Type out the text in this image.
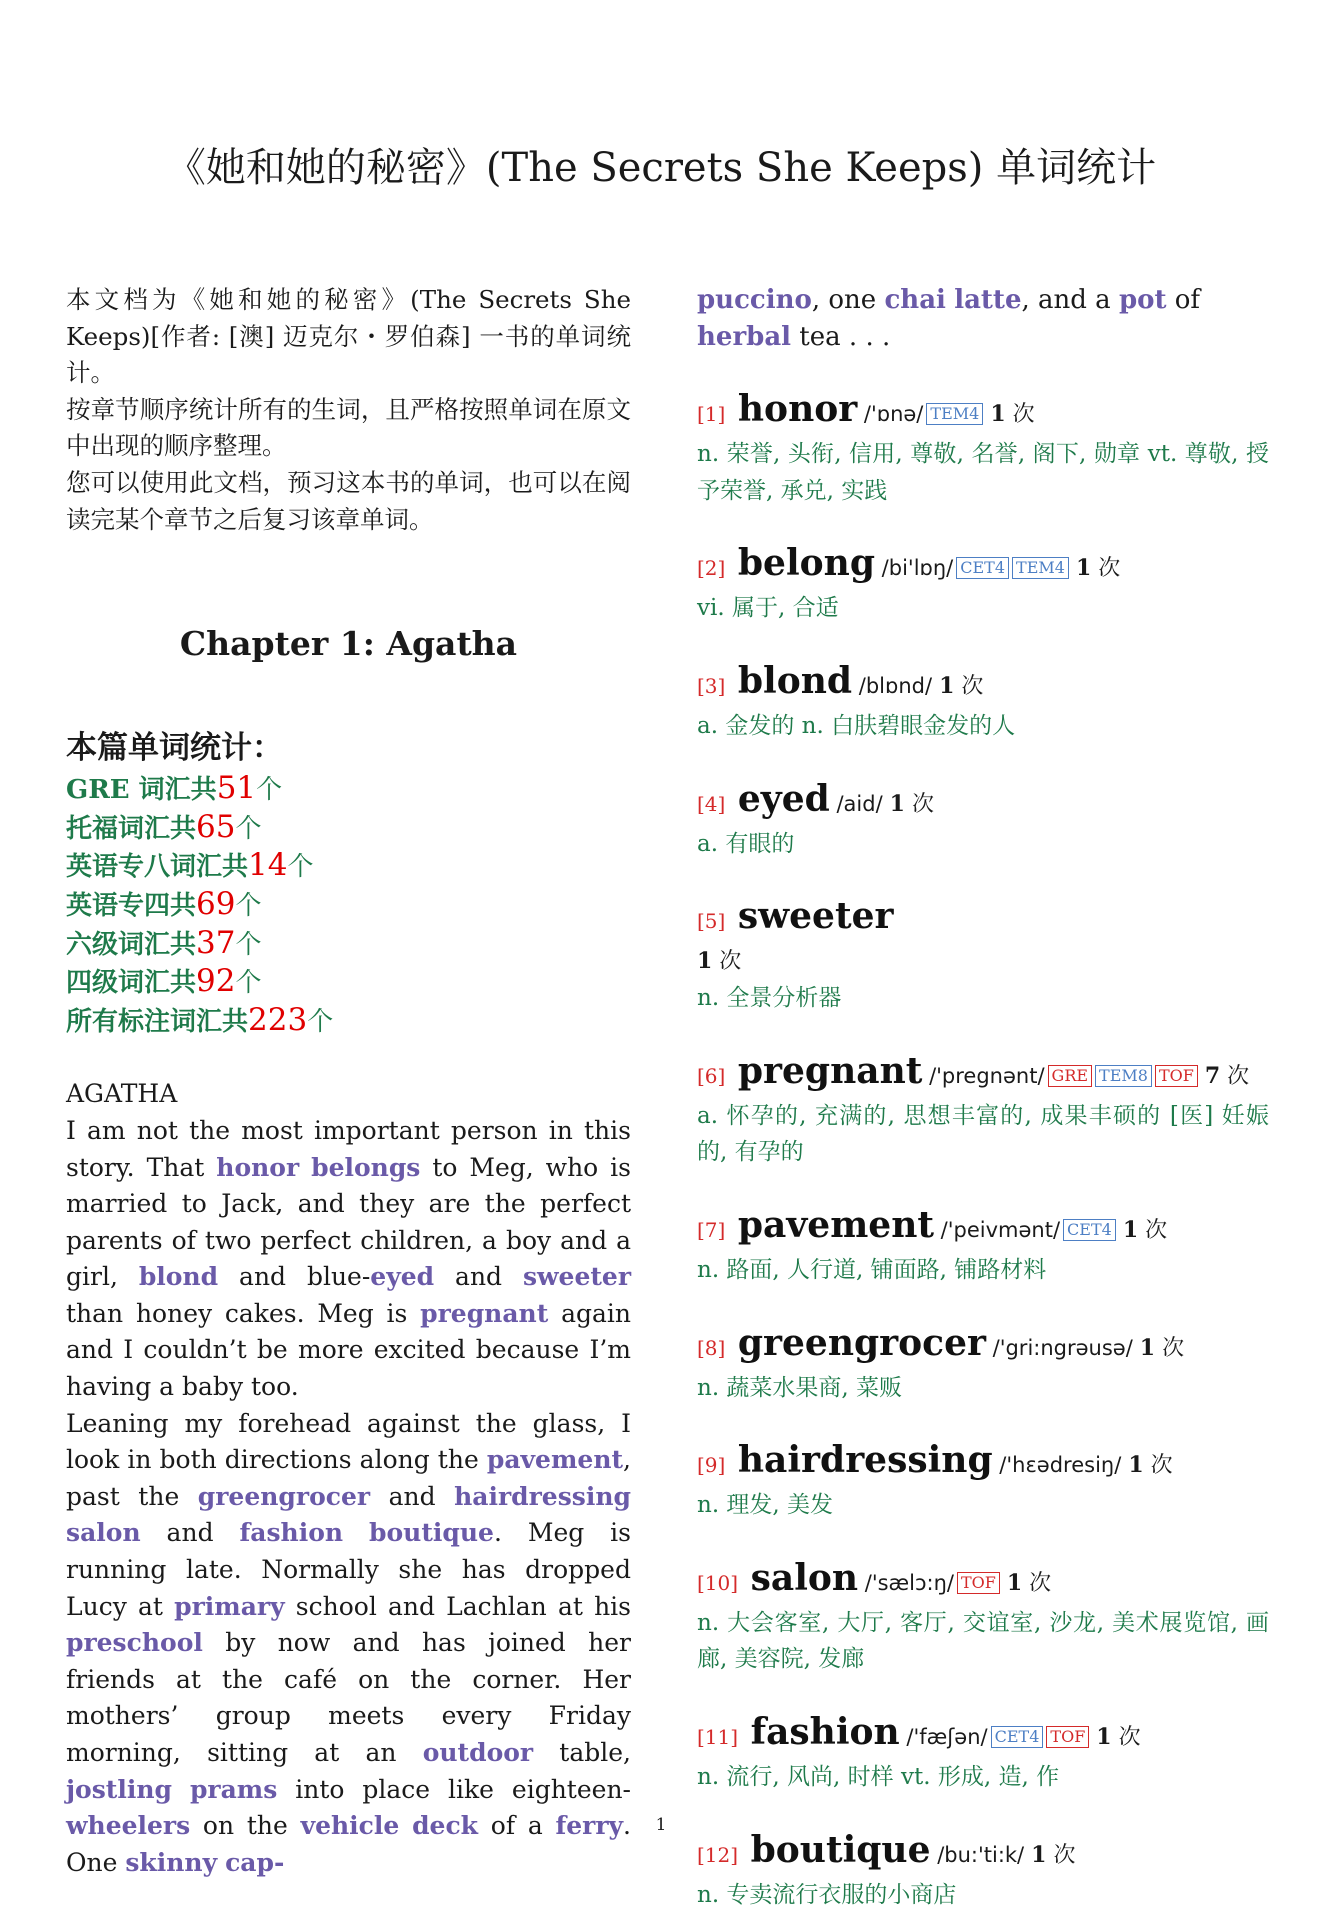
《她和她的秘密》(The Secrets She Keeps) 单词统计

本文档为《她和她的秘密》(The Secrets She Keeps)[作者: [澳] 迈克尔・罗伯森] 一书的单词统计。

按章节顺序统计所有的生词，且严格按照单词在原文中出现的顺序整理。

您可以使用此文档，预习这本书的单词，也可以在阅读完某个章节之后复习该章单词。

Chapter 1: Agatha
本篇单词统计：
GRE 词汇共51个
托福词汇共65个
英语专八词汇共14个
英语专四共69个
六级词汇共37个
四级词汇共92个
所有标注词汇共223个
AGATHA

I am not the most important person in this story. That honor belongs to Meg, who is married to Jack, and they are the perfect parents of two perfect children, a boy and a girl, blond and blue-eyed and sweeter than honey cakes. Meg is pregnant again and I couldn’t be more excited because I’m having a baby too.

Leaning my forehead against the glass, I look in both directions along the pavement, past the greengrocer and hairdressing salon and fashion boutique. Meg is running late. Normally she has dropped Lucy at primary school and Lachlan at his preschool by now and has joined her friends at the café on the corner. Her mothers’ group meets every Friday morning, sitting at an outdoor table, jostling prams into place like eighteen-wheelers on the vehicle deck of a ferry. One skinny cap-

puccino, one chai latte, and a pot of herbal tea . . .
[1] honor /'ɒnə/ TEM4 1 次
n. 荣誉, 头衔, 信用, 尊敬, 名誉, 阁下, 勋章 vt. 尊敬, 授予荣誉, 承兑, 实践
[2] belong /bi'lɒŋ/ CET4 TEM4 1 次
vi. 属于, 合适
[3] blond /blɒnd/ 1 次
a. 金发的 n. 白肤碧眼金发的人
[4] eyed /aid/ 1 次
a. 有眼的
[5] sweeter
1 次
n. 全景分析器
[6] pregnant /'pregnənt/ GRE TEM8 TOF 7 次
a. 怀孕的, 充满的, 思想丰富的, 成果丰硕的 [医] 妊娠的, 有孕的
[7] pavement /'peivmənt/ CET4 1 次
n. 路面, 人行道, 铺面路, 铺路材料
[8] greengrocer /'gri:ngrəusə/ 1 次
n. 蔬菜水果商, 菜贩
[9] hairdressing /'hɛədresiŋ/ 1 次
n. 理发, 美发
[10] salon /'sælɔ:ŋ/ TOF 1 次
n. 大会客室, 大厅, 客厅, 交谊室, 沙龙, 美术展览馆, 画廊, 美容院, 发廊
[11] fashion /'fæʃən/ CET4 TOF 1 次
n. 流行, 风尚, 时样 vt. 形成, 造, 作
[12] boutique /bu:'ti:k/ 1 次
n. 专卖流行衣服的小商店
1
